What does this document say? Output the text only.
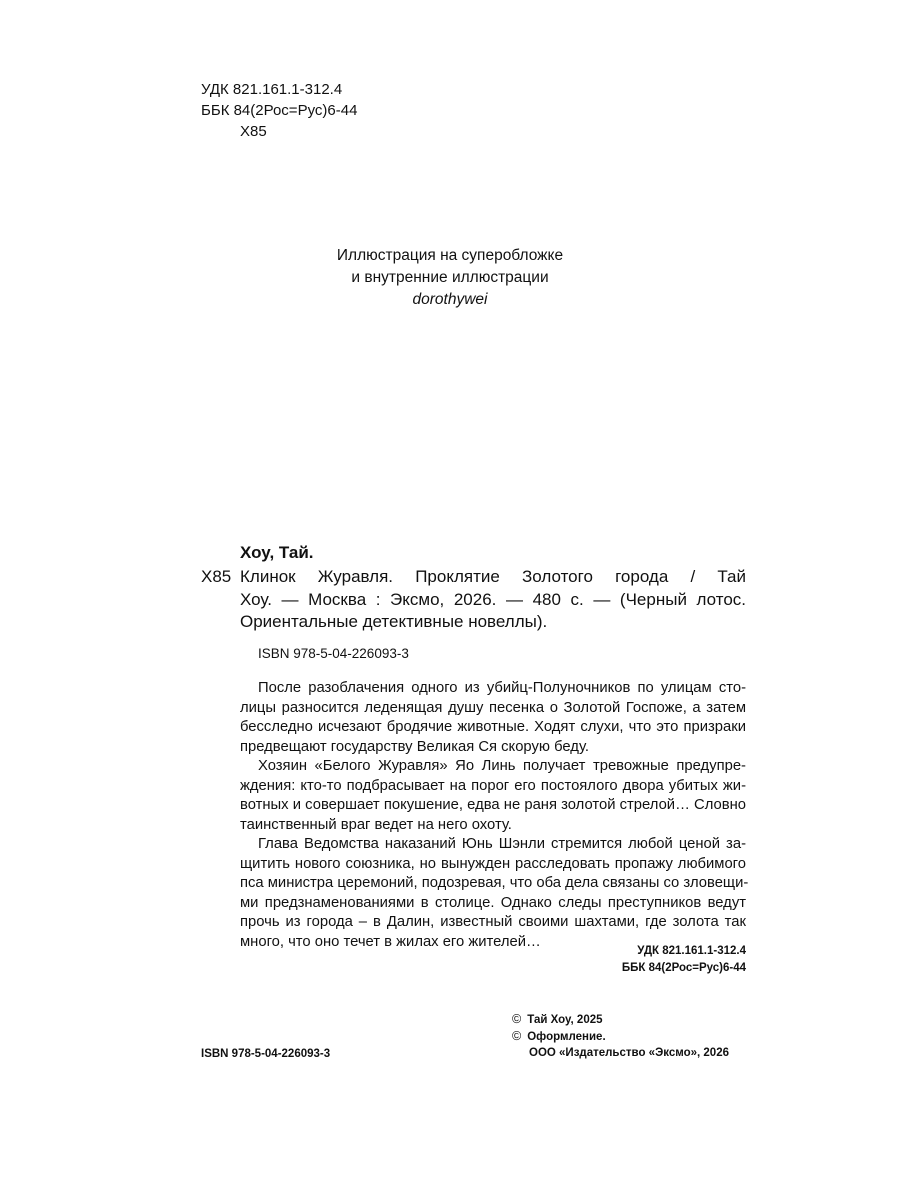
УДК 821.161.1-312.4
ББК 84(2Рос=Рус)6-44
Х85
Иллюстрация на суперобложке
и внутренние иллюстрации
dorothywei
Хоу, Тай.
Х85 Клинок Журавля. Проклятие Золотого города / Тай
Хоу. — Москва : Эксмо, 2026. — 480 с. — (Черный лотос.
Ориентальные детективные новеллы).
ISBN 978-5-04-226093-3
После разоблачения одного из убийц-Полуночников по улицам сто-
лицы разносится леденящая душу песенка о Золотой Госпоже, а затем
бесследно исчезают бродячие животные. Ходят слухи, что это призраки
предвещают государству Великая Ся скорую беду.
Хозяин «Белого Журавля» Яо Линь получает тревожные предупре-
ждения: кто-то подбрасывает на порог его постоялого двора убитых жи-
вотных и совершает покушение, едва не раня золотой стрелой… Словно
таинственный враг ведет на него охоту.
Глава Ведомства наказаний Юнь Шэнли стремится любой ценой за-
щитить нового союзника, но вынужден расследовать пропажу любимого
пса министра церемоний, подозревая, что оба дела связаны со зловещи-
ми предзнаменованиями в столице. Однако следы преступников ведут
прочь из города – в Далин, известный своими шахтами, где золота так
много, что оно течет в жилах его жителей…
УДК 821.161.1-312.4
ББК 84(2Рос=Рус)6-44
© Тай Хоу, 2025
© Оформление.
ООО «Издательство «Эксмо», 2026
ISBN 978-5-04-226093-3
